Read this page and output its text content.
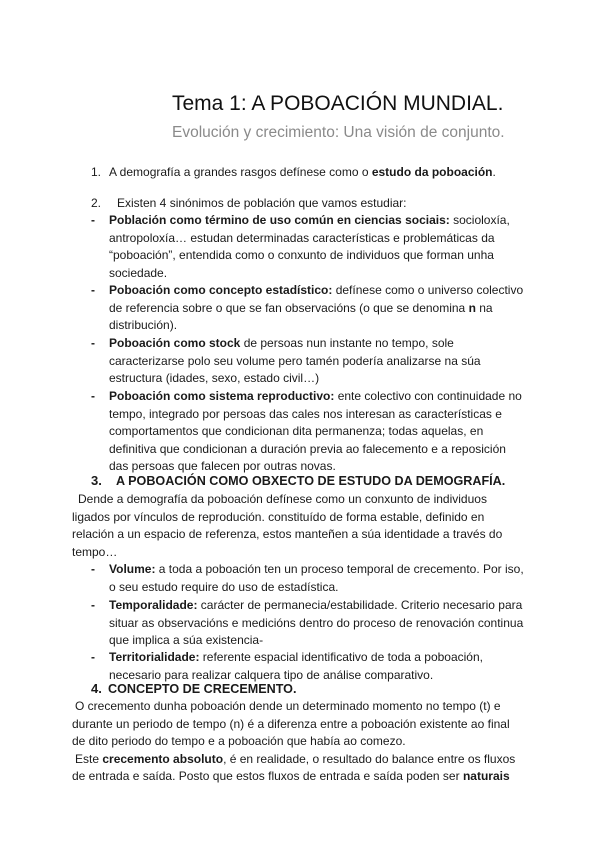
Tema 1: A POBOACIÓN MUNDIAL.
Evolución y crecimiento: Una visión de conjunto.

1. A demografía a grandes rasgos defínese como o estudo da poboación.

2. Existen 4 sinónimos de población que vamos estudiar:

- Población como término de uso común en ciencias sociais: socioloxía,
antropoloxía… estudan determinadas características e problemáticas da
“poboación”, entendida como o conxunto de individuos que forman unha
sociedade.

- Poboación como concepto estadístico: defínese como o universo colectivo
de referencia sobre o que se fan observacións (o que se denomina n na
distribución).

- Poboación como stock de persoas nun instante no tempo, sole
caracterizarse polo seu volume pero tamén podería analizarse na súa
estructura (idades, sexo, estado civil…)

- Poboación como sistema reproductivo: ente colectivo con continuidade no
tempo, integrado por persoas das cales nos interesan as características e
comportamentos que condicionan dita permanenza; todas aquelas, en
definitiva que condicionan a duración previa ao falecemento e a reposición
das persoas que falecen por outras novas.

3. A POBOACIÓN COMO OBXECTO DE ESTUDO DA DEMOGRAFÍA.

Dende a demografía da poboación defínese como un conxunto de individuos
ligados por vínculos de reprodución. constituído de forma estable, definido en
relación a un espacio de referenza, estos manteñen a súa identidade a través do
tempo…

- Volume: a toda a poboación ten un proceso temporal de crecemento. Por iso,
o seu estudo require do uso de estadística.

- Temporalidade: carácter de permanecia/estabilidade. Criterio necesario para
situar as observacións e medicións dentro do proceso de renovación continua
que implica a súa existencia-

- Territorialidade: referente espacial identificativo de toda a poboación,
necesario para realizar calquera tipo de análise comparativo.

4. CONCEPTO DE CRECEMENTO.

O crecemento dunha poboación dende un determinado momento no tempo (t) e
durante un periodo de tempo (n) é a diferenza entre a poboación existente ao final
de dito periodo do tempo e a poboación que había ao comezo.
Este crecemento absoluto, é en realidade, o resultado do balance entre os fluxos
de entrada e saída. Posto que estos fluxos de entrada e saída poden ser naturais
